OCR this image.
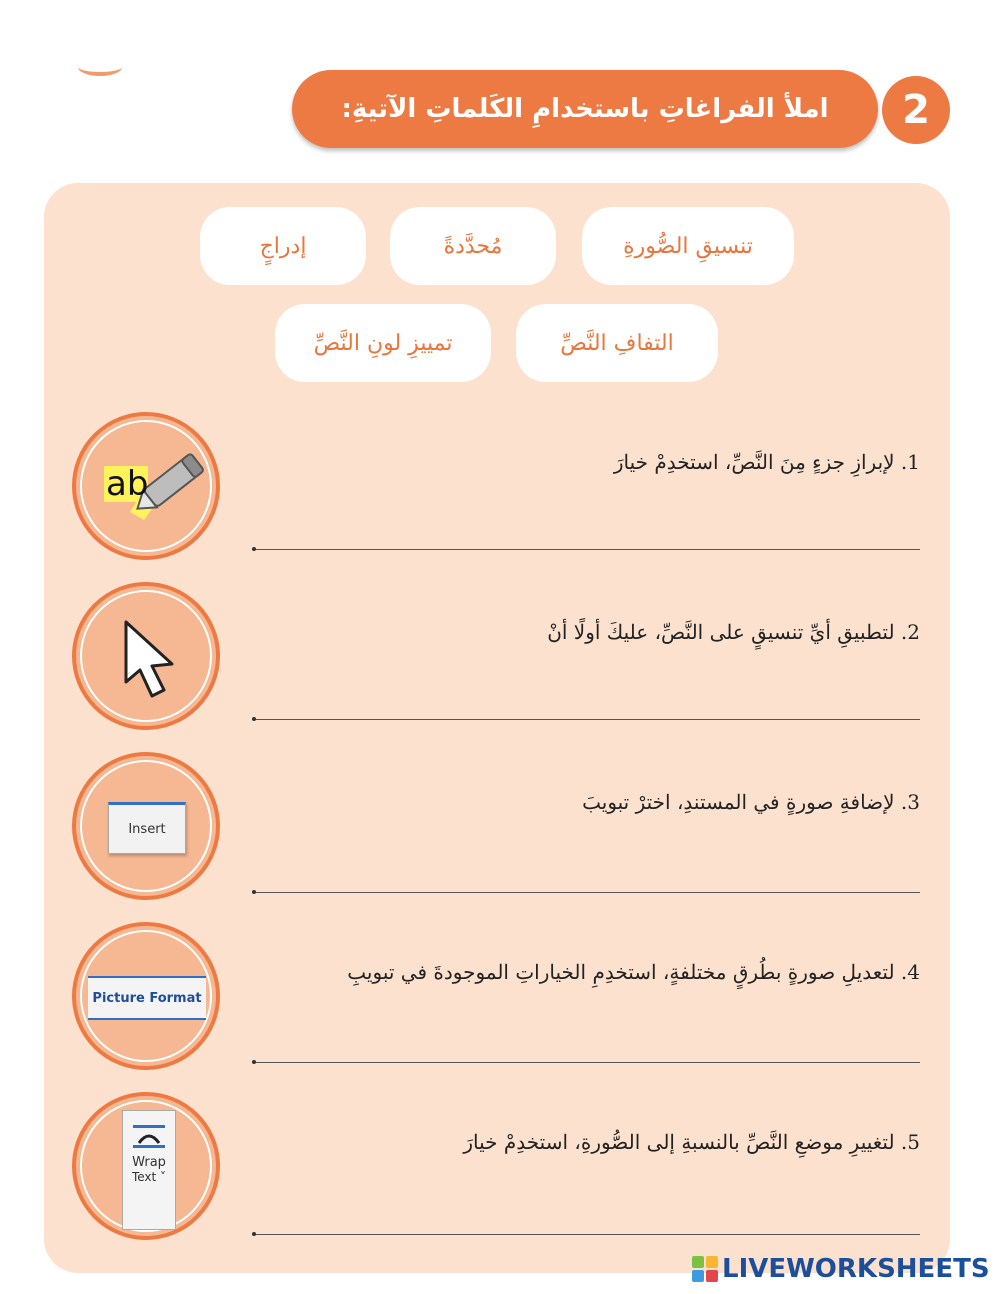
املأ الفراغاتِ باستخدامِ الكَلماتِ الآتيةِ:	2
تنسيقِ الصُّورةِ
مُحدَّدةً
إدراجٍ
التفافِ النَّصِّ
تمييزِ لونِ النَّصِّ
ab
1. لإبرازِ جزءٍ مِنَ النَّصِّ، استخدِمْ خيارَ
2. لتطبيقِ أيِّ تنسيقٍ على النَّصِّ، عليكَ أولًا أنْ
Insert
3. لإضافةِ صورةٍ في المستندِ، اخترْ تبويبَ
Picture Format
4. لتعديلِ صورةٍ بطُرقٍ مختلفةٍ، استخدِمِ الخياراتِ الموجودةَ في تبويبِ
Wrap
Text ˅
5. لتغييرِ موضعِ النَّصِّ بالنسبةِ إلى الصُّورةِ، استخدِمْ خيارَ
LIVEWORKSHEETS
